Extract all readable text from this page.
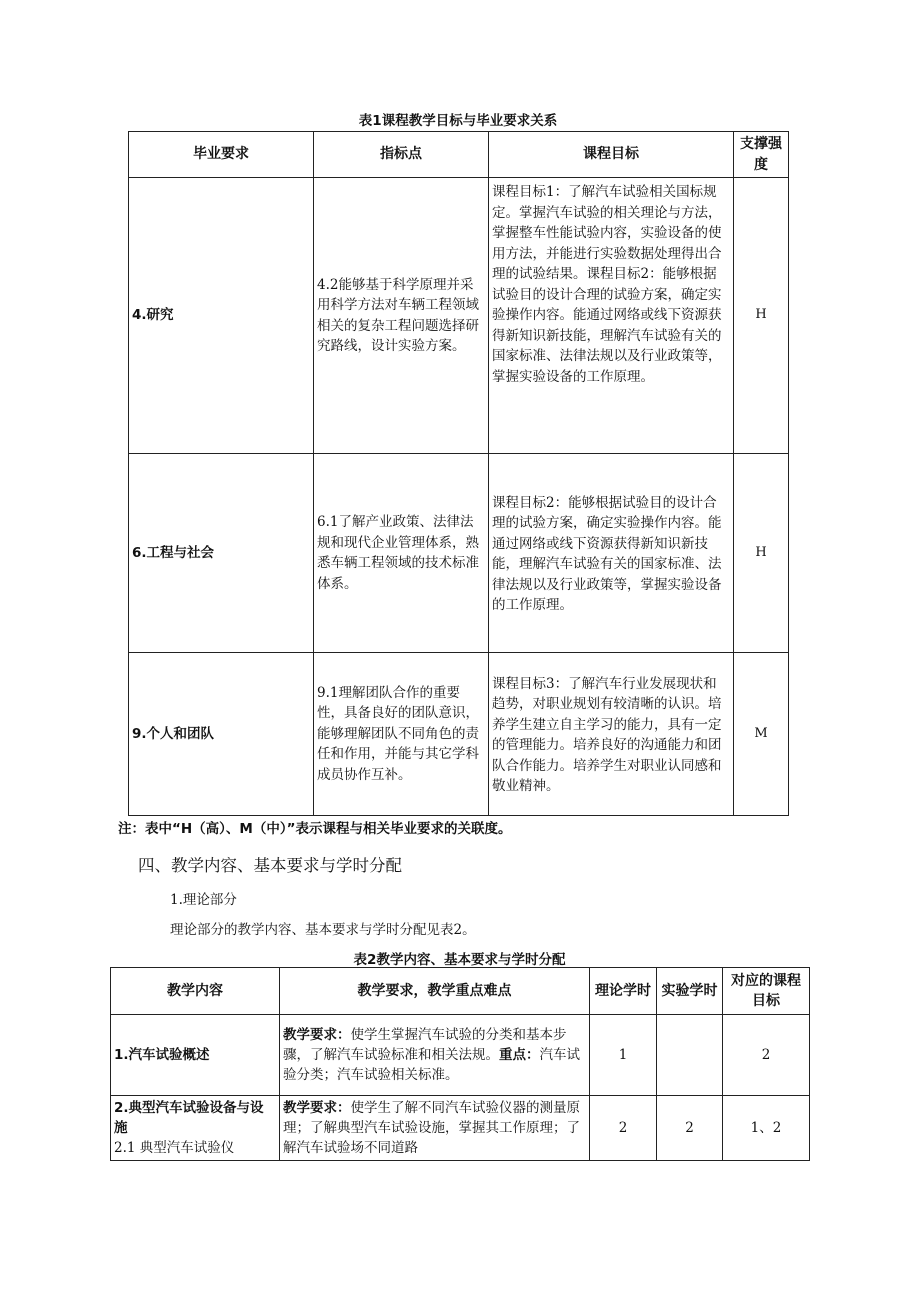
表1课程教学目标与毕业要求关系
毕业要求	指标点	课程目标	支撑强度
4.研究	4.2能够基于科学原理并采用科学方法对车辆工程领域相关的复杂工程问题选择研究路线，设计实验方案。	课程目标1：了解汽车试验相关国标规定。掌握汽车试验的相关理论与方法，掌握整车性能试验内容，实验设备的使用方法，并能进行实验数据处理得出合理的试验结果。课程目标2：能够根据试验目的设计合理的试验方案，确定实验操作内容。能通过网络或线下资源获得新知识新技能，理解汽车试验有关的国家标准、法律法规以及行业政策等，掌握实验设备的工作原理。	H
6.工程与社会	6.1了解产业政策、法律法规和现代企业管理体系，熟悉车辆工程领域的技术标准体系。	课程目标2：能够根据试验目的设计合理的试验方案，确定实验操作内容。能通过网络或线下资源获得新知识新技能，理解汽车试验有关的国家标准、法律法规以及行业政策等，掌握实验设备的工作原理。	H
9.个人和团队	9.1理解团队合作的重要性，具备良好的团队意识，能够理解团队不同角色的责任和作用，并能与其它学科成员协作互补。	课程目标3：了解汽车行业发展现状和趋势，对职业规划有较清晰的认识。培养学生建立自主学习的能力，具有一定的管理能力。培养良好的沟通能力和团队合作能力。培养学生对职业认同感和敬业精神。	M
注：表中“H（高）、M（中）”表示课程与相关毕业要求的关联度。
四、教学内容、基本要求与学时分配
1.理论部分
理论部分的教学内容、基本要求与学时分配见表2。
表2教学内容、基本要求与学时分配
教学内容	教学要求，教学重点难点	理论学时	实验学时	对应的课程目标
1.汽车试验概述	教学要求：使学生掌握汽车试验的分类和基本步骤，了解汽车试验标准和相关法规。重点：汽车试验分类；汽车试验相关标准。	1		2
2.典型汽车试验设备与设施
2.1 典型汽车试验仪	教学要求：使学生了解不同汽车试验仪器的测量原理；了解典型汽车试验设施，掌握其工作原理；了解汽车试验场不同道路	2	2	1、2
